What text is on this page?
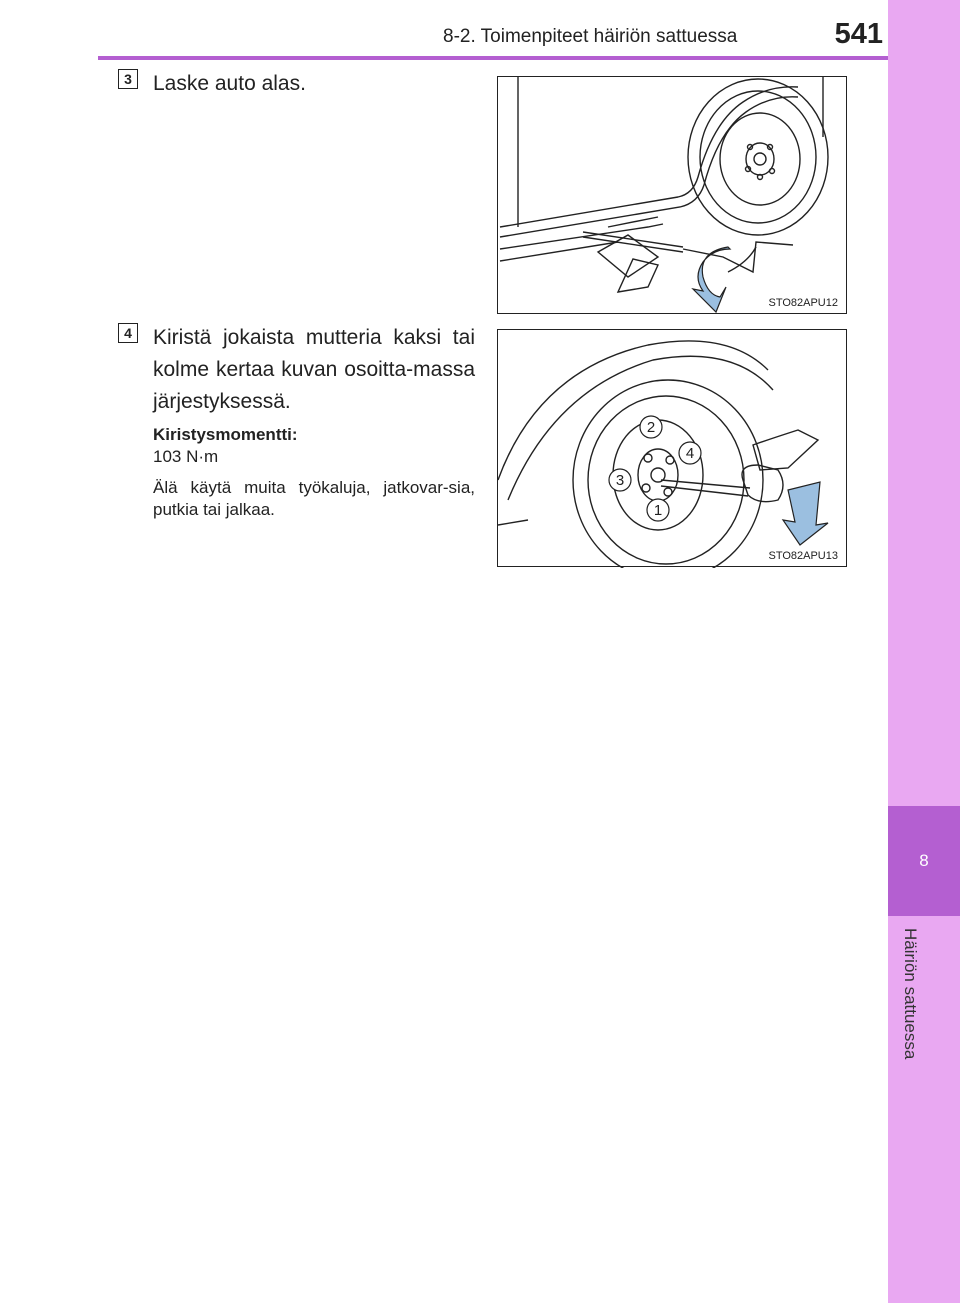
8-2. Toimenpiteet häiriön sattuessa	541
8
Häiriön sattuessa
3 Laske auto alas.
STO82APU12
4 Kiristä jokaista mutteria kaksi tai kolme kertaa kuvan osoitta-massa järjestyksessä.
Kiristysmomentti:
103 N·m
Älä käytä muita työkaluja, jatkovar-sia, putkia tai jalkaa.
2
4
3
1
STO82APU13
